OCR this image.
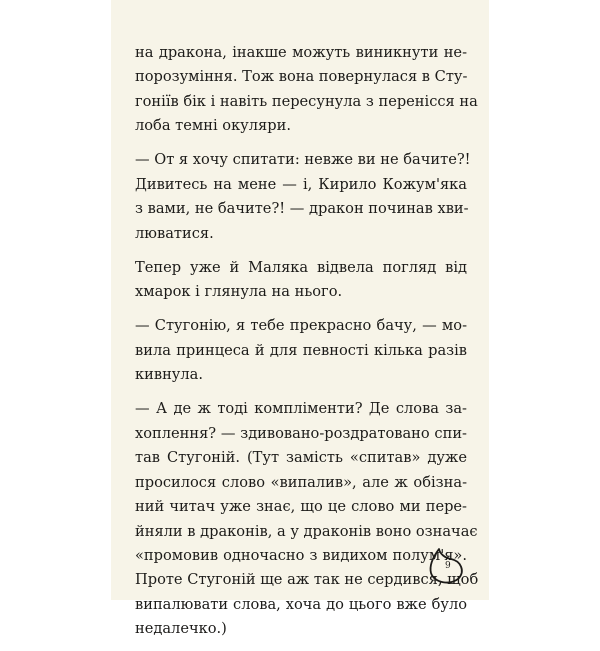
на дракона, інакше можуть виникнути не-
порозуміння. Тож вона повернулася в Сту-
гоніїв бік і навіть пересунула з перенісся на
лоба темні окуляри.
— От я хочу спитати: невже ви не бачите?!
Дивитесь на мене — і, Кирило Кожум'яка
з вами, не бачите?! — дракон починав хви-
люватися.
Тепер уже й Маляка відвела погляд від
хмарок і глянула на нього.
— Стугонію, я тебе прекрасно бачу, — мо-
вила принцеса й для певності кілька разів
кивнула.
— А де ж тоді компліменти? Де слова за-
хоплення? — здивовано-роздратовано спи-
тав Стугоній. (Тут замість «спитав» дуже
просилося слово «випалив», але ж обізна-
ний читач уже знає, що це слово ми пере-
йняли в драконів, а у драконів воно означає
«промовив одночасно з видихом полум'я».
Проте Стугоній ще аж так не сердився, щоб
випалювати слова, хоча до цього вже було
недалечко.)
9
